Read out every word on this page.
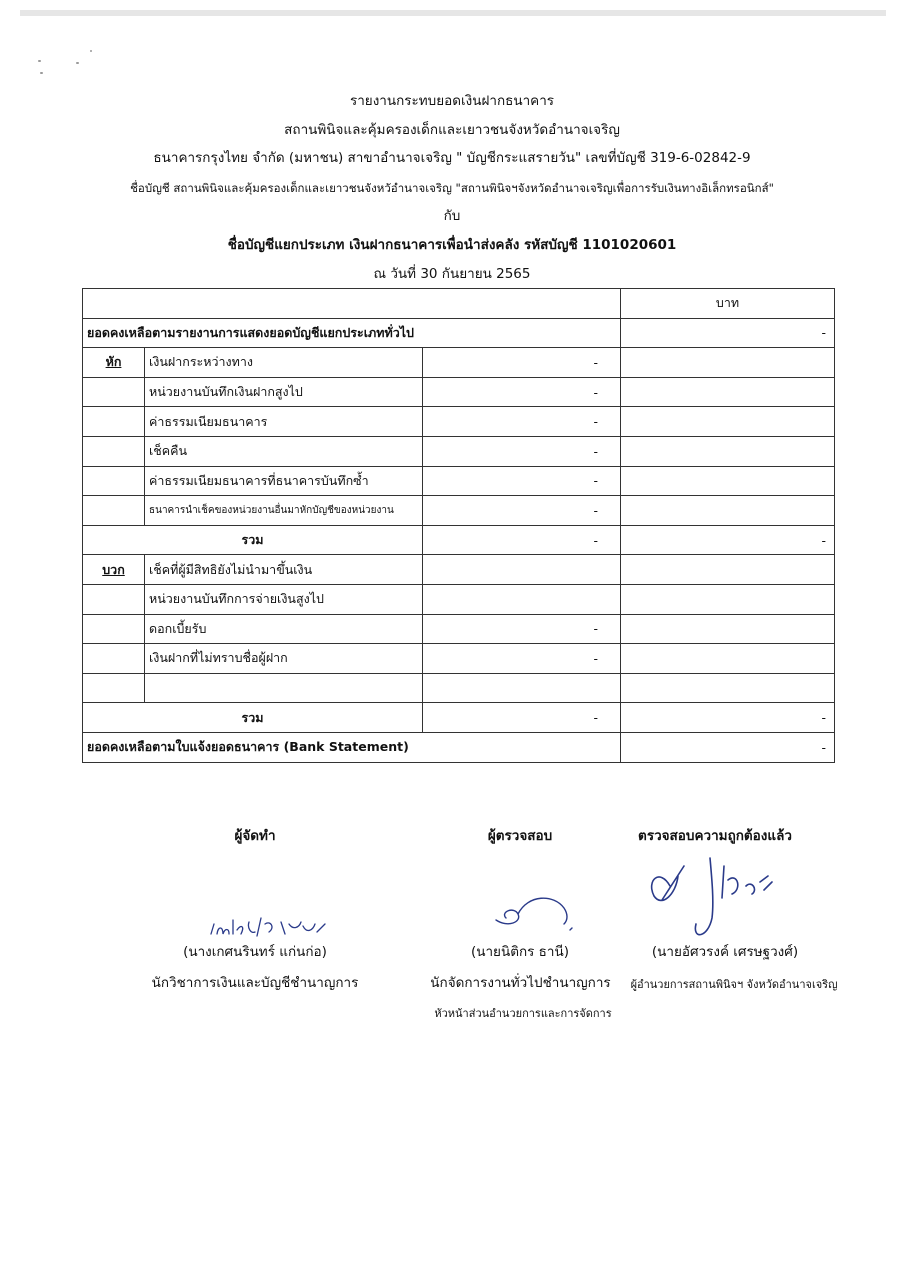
รายงานกระทบยอดเงินฝากธนาคาร
สถานพินิจและคุ้มครองเด็กและเยาวชนจังหวัดอำนาจเจริญ
ธนาคารกรุงไทย จำกัด (มหาชน) สาขาอำนาจเจริญ " บัญชีกระแสรายวัน" เลขที่บัญชี 319-6-02842-9
ชื่อบัญชี สถานพินิจและคุ้มครองเด็กและเยาวชนจังหวัอำนาจเจริญ "สถานพินิจฯจังหวัดอำนาจเจริญเพื่อการรับเงินทางอิเล็กทรอนิกส์"
กับ
ชื่อบัญชีแยกประเภท เงินฝากธนาคารเพื่อนำส่งคลัง รหัสบัญชี 1101020601
ณ วันที่ 30 กันยายน 2565
			บาท
ยอดคงเหลือตามรายงานการแสดงยอดบัญชีแยกประเภททั่วไป			-
หัก	เงินฝากระหว่างทาง	-	
	หน่วยงานบันทึกเงินฝากสูงไป	-	
	ค่าธรรมเนียมธนาคาร	-	
	เช็คคืน	-	
	ค่าธรรมเนียมธนาคารที่ธนาคารบันทึกซ้ำ	-	
	ธนาคารนำเช็คของหน่วยงานอื่นมาหักบัญชีของหน่วยงาน	-	
รวม		-	-
บวก	เช็คที่ผู้มีสิทธิยังไม่นำมาขึ้นเงิน		
	หน่วยงานบันทึกการจ่ายเงินสูงไป		
	ดอกเบี้ยรับ	-	
	เงินฝากที่ไม่ทราบชื่อผู้ฝาก	-	

รวม		-	-
ยอดคงเหลือตามใบแจ้งยอดธนาคาร (Bank Statement)			-
ผู้จัดทำ	ผู้ตรวจสอบ	ตรวจสอบความถูกต้องแล้ว
(นางเกศนรินทร์ แก่นก่อ)	(นายนิติกร ธานี)	(นายอัศวรงค์ เศรษฐวงศ์)
นักวิชาการเงินและบัญชีชำนาญการ	นักจัดการงานทั่วไปชำนาญการ	ผู้อำนวยการสถานพินิจฯ จังหวัดอำนาจเจริญ
หัวหน้าส่วนอำนวยการและการจัดการ
